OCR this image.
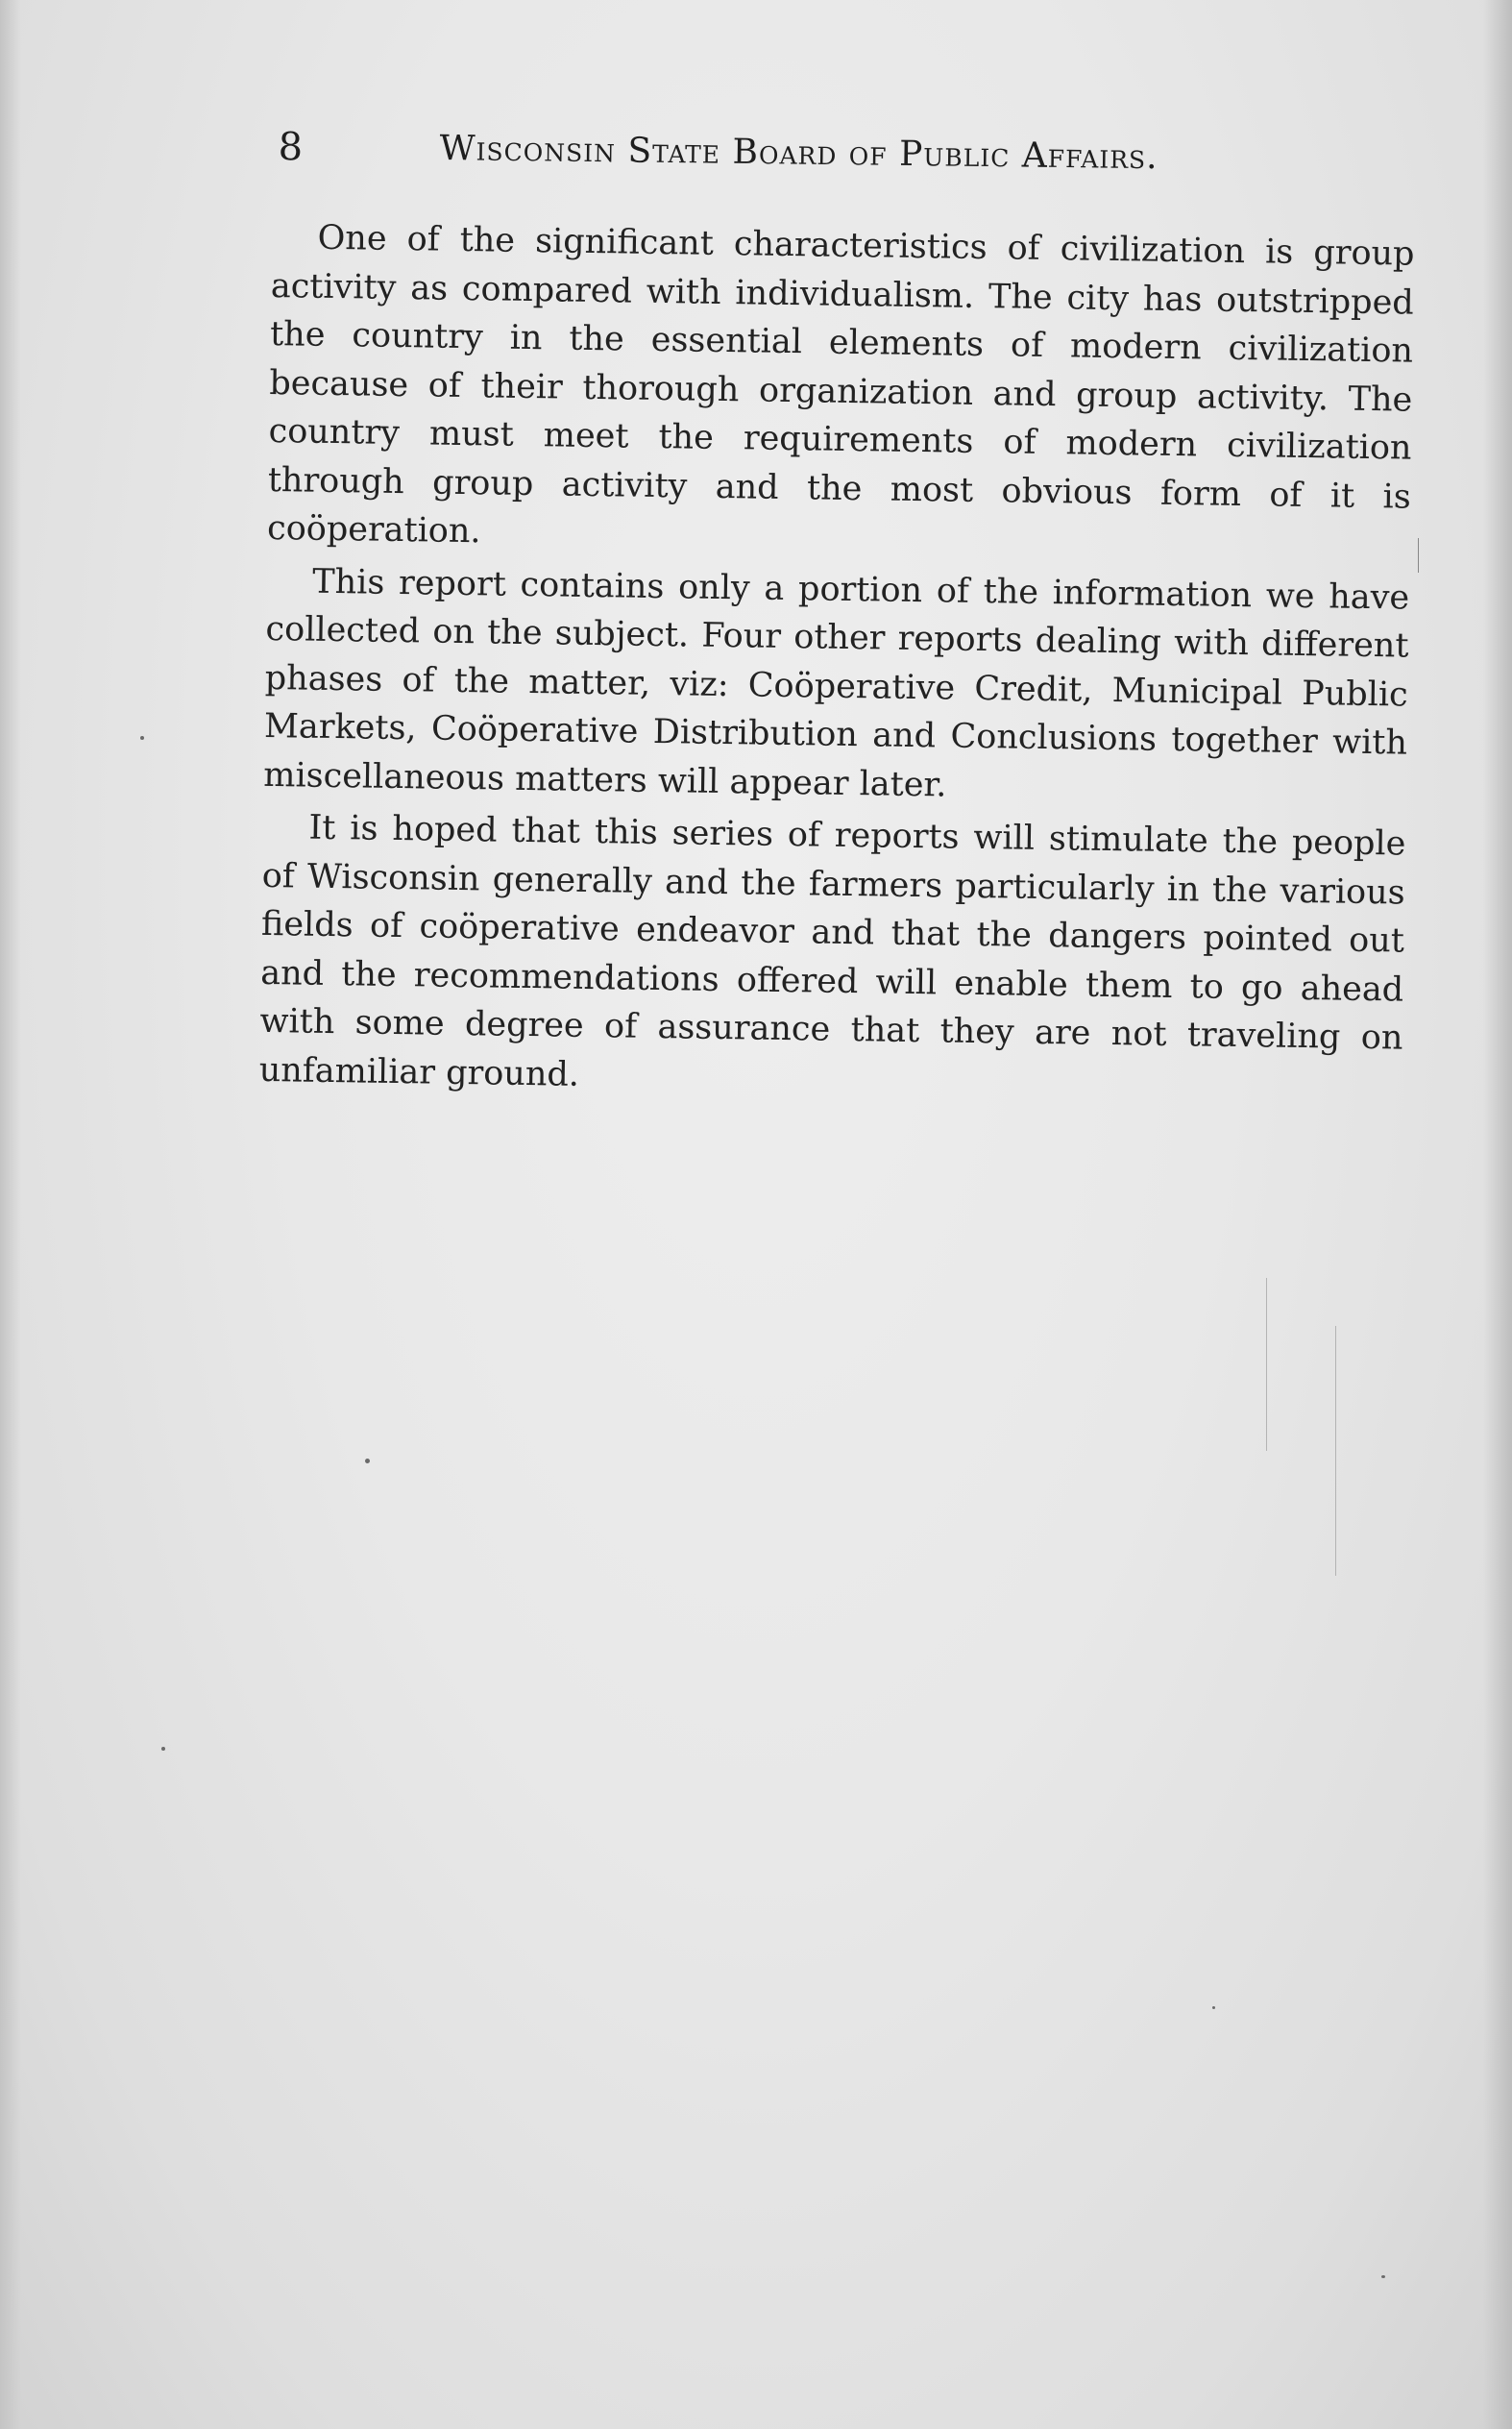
8	Wisconsin State Board of Public Affairs.

One of the significant characteristics of civilization is group activity as compared with individualism. The city has outstripped the country in the essential elements of modern civilization because of their thorough organization and group activity. The country must meet the requirements of modern civilization through group activity and the most obvious form of it is coöperation.

This report contains only a portion of the information we have collected on the subject. Four other reports dealing with different phases of the matter, viz: Coöperative Credit, Municipal Public Markets, Coöperative Distribution and Conclusions together with miscellaneous matters will appear later.

It is hoped that this series of reports will stimulate the people of Wisconsin generally and the farmers particularly in the various fields of coöperative endeavor and that the dangers pointed out and the recommendations offered will enable them to go ahead with some degree of assurance that they are not traveling on unfamiliar ground.
